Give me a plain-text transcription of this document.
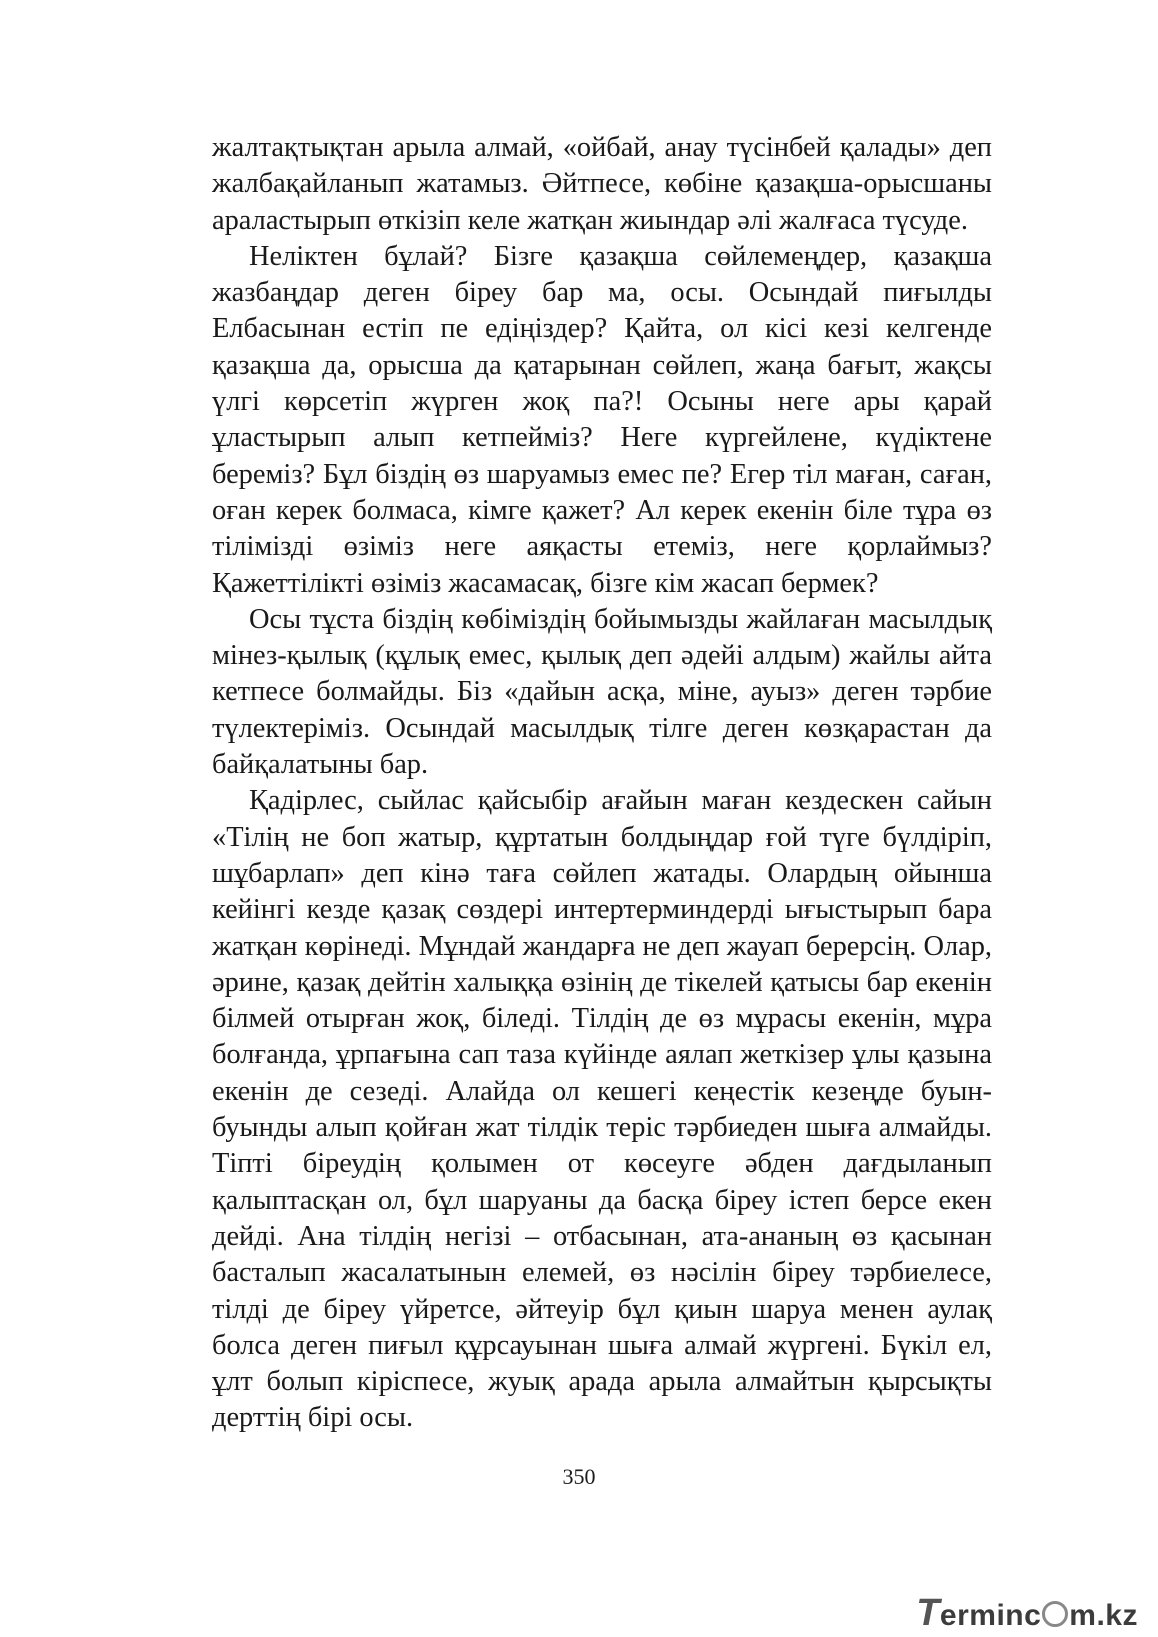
жалтақтықтан арыла алмай, «ойбай, анау түсінбей қалады» деп жалбақайланып жатамыз. Әйтпесе, көбіне қазақша-орысшаны араластырып өткізіп келе жатқан жиындар әлі жалғаса түсуде.

Неліктен бұлай? Бізге қазақша сөйлемеңдер, қазақша жазбаңдар деген біреу бар ма, осы. Осындай пиғылды Елбасынан естіп пе едіңіздер? Қайта, ол кісі кезі келгенде қазақша да, орысша да қатарынан сөйлеп, жаңа бағыт, жақсы үлгі көрсетіп жүрген жоқ па?! Осыны неге ары қарай ұластырып алып кетпейміз? Неге күргейлене, күдіктене береміз? Бұл біздің өз шаруамыз емес пе? Егер тіл маған, саған, оған керек болмаса, кімге қажет? Ал керек екенін біле тұра өз тілімізді өзіміз неге аяқасты етеміз, неге қорлаймыз? Қажеттілікті өзіміз жасамасақ, бізге кім жасап бермек?

Осы тұста біздің көбіміздің бойымызды жайлаған масылдық мінез-қылық (құлық емес, қылық деп әдейі алдым) жайлы айта кетпесе болмайды. Біз «дайын асқа, міне, ауыз» деген тәрбие түлектеріміз. Осындай масылдық тілге деген көзқарастан да байқалатыны бар.

Қадірлес, сыйлас қайсыбір ағайын маған кездескен сайын «Тілің не боп жатыр, құртатын болдыңдар ғой түге бүлдіріп, шұбарлап» деп кінә таға сөйлеп жатады. Олардың ойынша кейінгі кезде қазақ сөздері интертерминдерді ығыстырып бара жатқан көрінеді. Мұндай жандарға не деп жауап берерсің. Олар, әрине, қазақ дейтін халыққа өзінің де тікелей қатысы бар екенін білмей отырған жоқ, біледі. Тілдің де өз мұрасы екенін, мұра болғанда, ұрпағына сап таза күйінде аялап жеткізер ұлы қазына екенін де сезеді. Алайда ол кешегі кеңестік кезеңде буын-буынды алып қойған жат тілдік теріс тәрбиеден шыға алмайды. Тіпті біреудің қолымен от көсеуге әбден дағдыланып қалыптасқан ол, бұл шаруаны да басқа біреу істеп берсе екен дейді. Ана тілдің негізі – отбасынан, ата-ананың өз қасынан басталып жасалатынын елемей, өз нәсілін біреу тәрбиелесе, тілді де біреу үйретсе, әйтеуір бұл қиын шаруа менен аулақ болса деген пиғыл құрсауынан шыға алмай жүргені. Бүкіл ел, ұлт болып кіріспесе, жуық арада арыла алмайтын қырсықты дерттің бірі осы.

350
Terminc m.kz
